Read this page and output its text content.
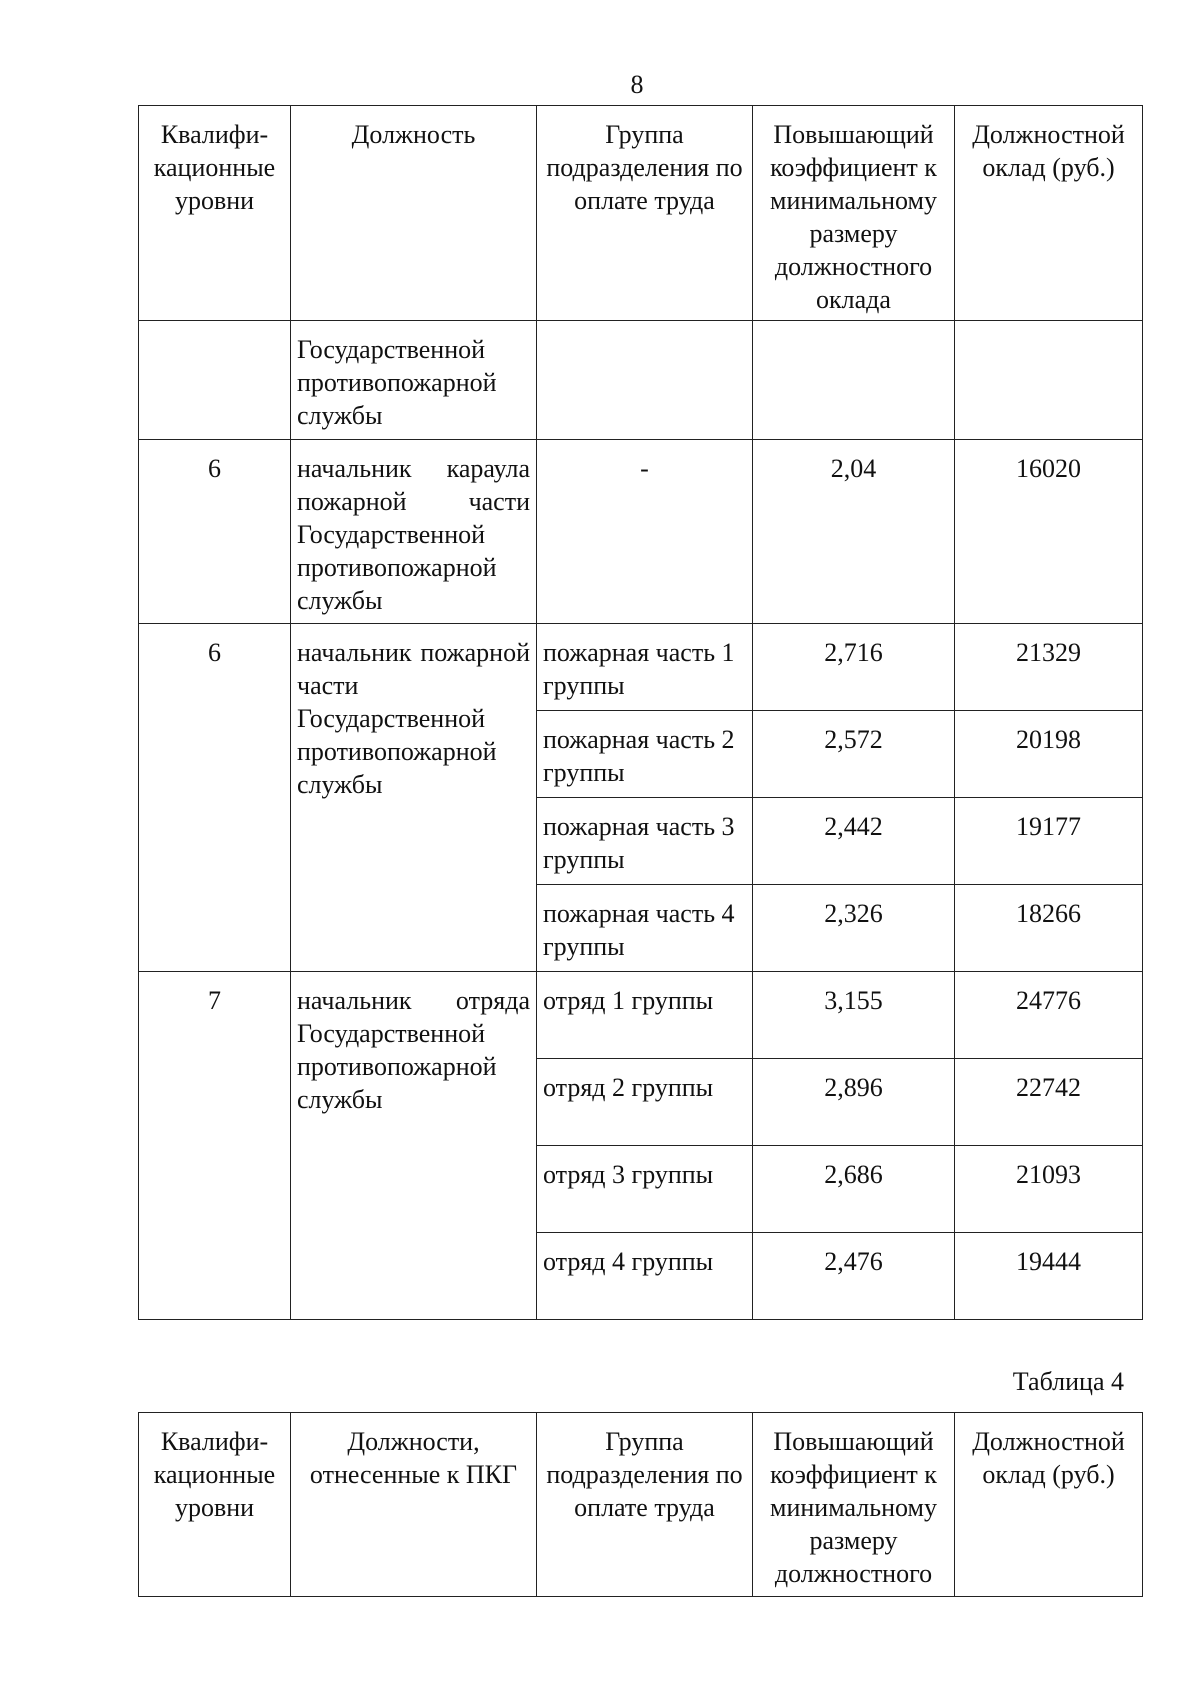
8
Квалифи-кационные уровни	Должность	Группа подразделения по оплате труда	Повышающий коэффициент к минимальному размеру должностного оклада	Должностной оклад (руб.)
	Государственной противопожарной службы			
6	начальник караула пожарной части Государственной противопожарной службы	-	2,04	16020
6	начальник пожарной части Государственной противопожарной службы	пожарная часть 1 группы	2,716	21329
		пожарная часть 2 группы	2,572	20198
		пожарная часть 3 группы	2,442	19177
		пожарная часть 4 группы	2,326	18266
7	начальник отряда Государственной противопожарной службы	отряд 1 группы	3,155	24776
		отряд 2 группы	2,896	22742
		отряд 3 группы	2,686	21093
		отряд 4 группы	2,476	19444
Таблица 4
Квалифи-кационные уровни	Должности, отнесенные к ПКГ	Группа подразделения по оплате труда	Повышающий коэффициент к минимальному размеру должностного	Должностной оклад (руб.)
